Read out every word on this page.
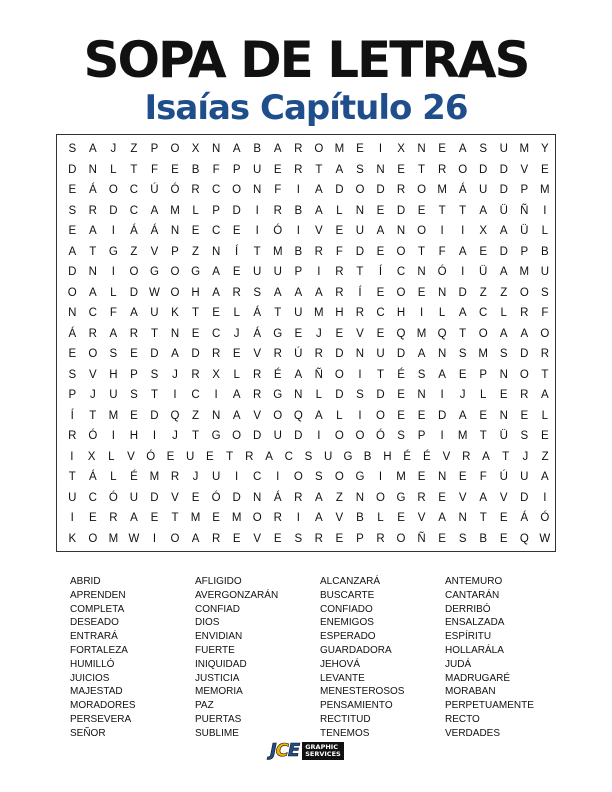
SOPA DE LETRAS
Isaías Capítulo 26
S	A	J	Z	P	O	X	N	A	B	A	R	O M	E	I	X	N	E	A	S	U	M	Y
D	N	L	T	F	E	B	F	P	U	E	R	T	A	S	N	E	T	R	O	D	D	V	E
E	Á	O	C	Ú	Ó	R	C	O	N	F	I	A	D	O	D	R	O M	Á	U	D	P	M
S	R	D	C	A	M	L	P	D	I	R	B	A	L	N	E	D	E	T	T	A	Ü	Ñ	I
E	A	I	Á	Á	N	E	C	E	I	Ó	I	V	E	U	A	N	O	I	I	X	A	Ü	L
A	T	G	Z	V	P	Z	N	Í	T	M	B	R	F	D	E	O	T	F	A	E	D	P	B
D	N	I	O	G	O	G	A	E	U	U	P	I	R	T	Í	C	N	Ó	I	Ü	A	M	U
O	A	L	D W O	H	A	R	S	A	A	A	R	Í	E	O	E	N	D	Z	Z	O	S
N	C	F	A	U	K	T	E	L	Á	T	U	M	H	R	C	H	I	L	A	C	L	R	F
Á	R	A	R	T	N	E	C	J	Á	G	E	J	E	V	E	Q M Q	T	O	A	A	O
E	O	S	E	D	A	D	R	E	V	R	Ú	R	D	N	U	D	A	N	S	M	S	D	R
S	V	H	P	S	J	R	X	L	R	É	A	Ñ	O	I	T	É	S	A	E	P	N	O	T
P	J	U	S	T	I	C	I	A	R	G	N	L	D	S	D	E	N	I	J	L	E	R	A
Í	T	M	E	D	Q	Z	N	A	V	O	Q	A	L	I	O	E	E	D	A	E	N	E	L
R	Ó	I	H	I	J	T	G	O	D	U	D	I	O	O	Ó	S	P	I	M	T	Ü	S	E
I	X	L	V Ó E	U	E	T	R	A	C	S	U G B	H	É	É	V	R	A	T	J	Z
T	Á	L	É	M	R	J	U	I	C	I	O	S	O	G	I	M	E	N	E	F	Ú	U	A
U	C	Ó	U	D	V	E	Ó	D	N	Á	R	A	Z	N	O	G	R	E	V	A	V	D	I
I	E	R	A	E	T	M	E	M O	R	I	A	V	B	L	E	V	A	N	T	E	Á	Ó
K	O M W	I	O	A	R	E	V	E	S	R	E	P	R	O	Ñ	E	S	B	E	Q W
ABRID
APRENDEN
COMPLETA
DESEADO
ENTRARÁ
FORTALEZA
HUMILLÓ
JUICIOS
MAJESTAD
MORADORES
PERSEVERA
SEÑOR
AFLIGIDO
AVERGONZARÁN
CONFIAD
DIOS
ENVIDIAN
FUERTE
INIQUIDAD
JUSTICIA
MEMORIA
PAZ
PUERTAS
SUBLIME
ALCANZARÁ
BUSCARTE
CONFIADO
ENEMIGOS
ESPERADO
GUARDADORA
JEHOVÁ
LEVANTE
MENESTEROSOS
PENSAMIENTO
RECTITUD
TENEMOS
ANTEMURO
CANTARÁN
DERRIBÓ
ENSALZADA
ESPÍRITU
HOLLARÁLA
JUDÁ
MADRUGARÉ
MORABAN
PERPETUAMENTE
RECTO
VERDADES
JCE GRAPHIC
SERVICES
